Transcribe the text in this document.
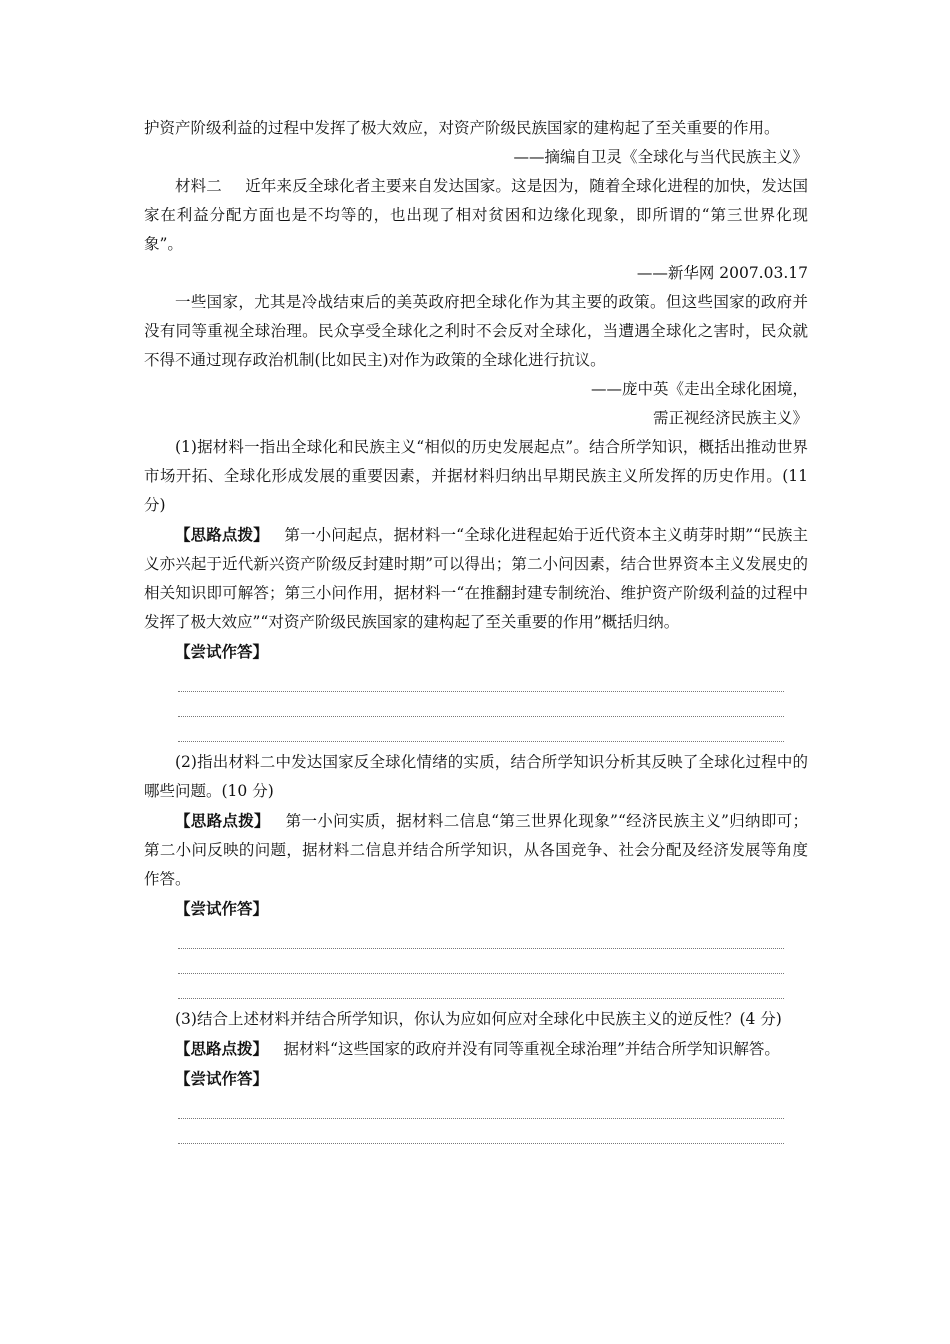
护资产阶级利益的过程中发挥了极大效应，对资产阶级民族国家的建构起了至关重要的作用。

——摘编自卫灵《全球化与当代民族主义》

材料二 近年来反全球化者主要来自发达国家。这是因为，随着全球化进程的加快，发达国家在利益分配方面也是不均等的，也出现了相对贫困和边缘化现象，即所谓的“第三世界化现象”。

——新华网 2007.03.17

一些国家，尤其是冷战结束后的美英政府把全球化作为其主要的政策。但这些国家的政府并没有同等重视全球治理。民众享受全球化之利时不会反对全球化，当遭遇全球化之害时，民众就不得不通过现存政治机制(比如民主)对作为政策的全球化进行抗议。

——庞中英《走出全球化困境，

需正视经济民族主义》

(1)据材料一指出全球化和民族主义“相似的历史发展起点”。结合所学知识，概括出推动世界市场开拓、全球化形成发展的重要因素，并据材料归纳出早期民族主义所发挥的历史作用。(11 分)

【思路点拨】 第一小问起点，据材料一“全球化进程起始于近代资本主义萌芽时期”“民族主义亦兴起于近代新兴资产阶级反封建时期”可以得出；第二小问因素，结合世界资本主义发展史的相关知识即可解答；第三小问作用，据材料一“在推翻封建专制统治、维护资产阶级利益的过程中发挥了极大效应”“对资产阶级民族国家的建构起了至关重要的作用”概括归纳。

【尝试作答】

(2)指出材料二中发达国家反全球化情绪的实质，结合所学知识分析其反映了全球化过程中的哪些问题。(10 分)

【思路点拨】 第一小问实质，据材料二信息“第三世界化现象”“经济民族主义”归纳即可；第二小问反映的问题，据材料二信息并结合所学知识，从各国竞争、社会分配及经济发展等角度作答。

【尝试作答】

(3)结合上述材料并结合所学知识，你认为应如何应对全球化中民族主义的逆反性？(4 分)

【思路点拨】 据材料“这些国家的政府并没有同等重视全球治理”并结合所学知识解答。

【尝试作答】
